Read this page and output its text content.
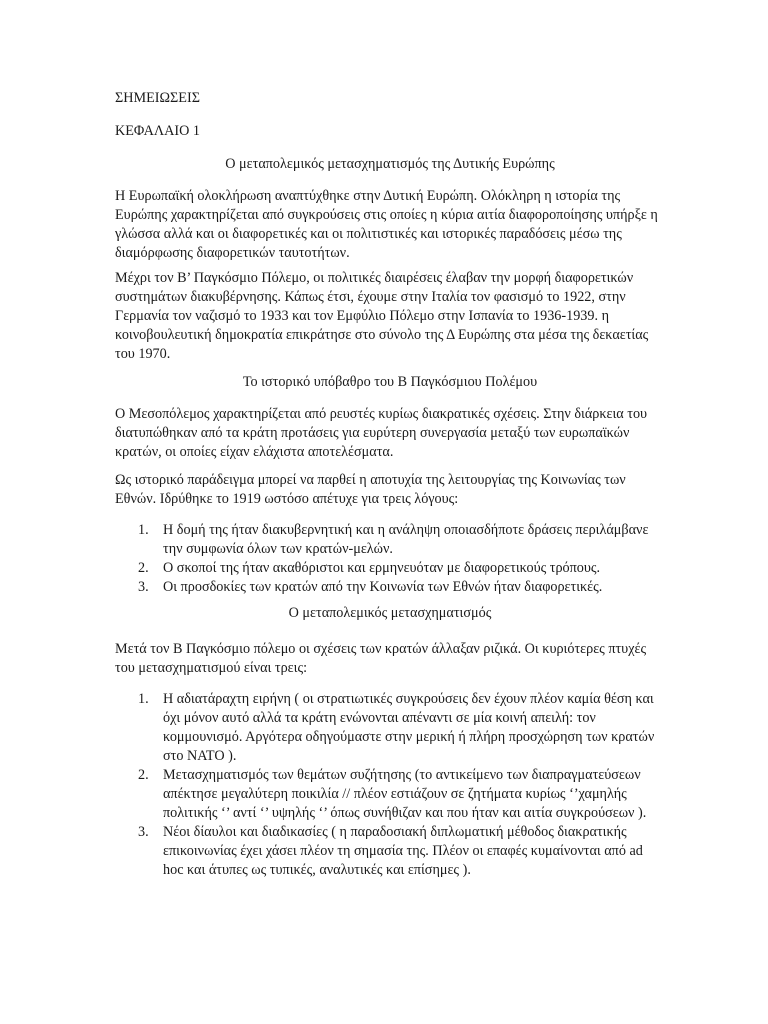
ΣΗΜΕΙΩΣΕΙΣ

ΚΕΦΑΛΑΙΟ 1

Ο μεταπολεμικός μετασχηματισμός της Δυτικής Ευρώπης

Η Ευρωπαϊκή ολοκλήρωση αναπτύχθηκε στην Δυτική Ευρώπη. Ολόκληρη η ιστορία της Ευρώπης χαρακτηρίζεται από συγκρούσεις στις οποίες η κύρια αιτία διαφοροποίησης υπήρξε η γλώσσα αλλά και οι διαφορετικές και οι πολιτιστικές και ιστορικές παραδόσεις μέσω της διαμόρφωσης διαφορετικών ταυτοτήτων.

Μέχρι τον Β’ Παγκόσμιο Πόλεμο, οι πολιτικές διαιρέσεις έλαβαν την μορφή διαφορετικών συστημάτων διακυβέρνησης. Κάπως έτσι, έχουμε στην Ιταλία τον φασισμό το 1922, στην Γερμανία τον ναζισμό το 1933 και τον Εμφύλιο Πόλεμο στην Ισπανία το 1936-1939. η κοινοβουλευτική δημοκρατία επικράτησε στο σύνολο της Δ Ευρώπης στα μέσα της δεκαετίας του 1970.

Το ιστορικό υπόβαθρο του Β Παγκόσμιου Πολέμου

Ο Μεσοπόλεμος χαρακτηρίζεται από ρευστές κυρίως διακρατικές σχέσεις. Στην διάρκεια του διατυπώθηκαν από τα κράτη προτάσεις για ευρύτερη συνεργασία μεταξύ των ευρωπαϊκών κρατών, οι οποίες είχαν ελάχιστα αποτελέσματα.

Ως ιστορικό παράδειγμα μπορεί να παρθεί η αποτυχία της λειτουργίας της Κοινωνίας των Εθνών. Ιδρύθηκε το 1919 ωστόσο απέτυχε για τρεις λόγους:

1. Η δομή της ήταν διακυβερνητική και η ανάληψη οποιασδήποτε δράσεις περιλάμβανε την συμφωνία όλων των κρατών-μελών.
2. Ο σκοποί της ήταν ακαθόριστοι και ερμηνευόταν με διαφορετικούς τρόπους.
3. Οι προσδοκίες των κρατών από την Κοινωνία των Εθνών ήταν διαφορετικές.

Ο μεταπολεμικός μετασχηματισμός

Μετά τον Β Παγκόσμιο πόλεμο οι σχέσεις των κρατών άλλαξαν ριζικά. Οι κυριότερες πτυχές του μετασχηματισμού είναι τρεις:

1. Η αδιατάραχτη ειρήνη ( οι στρατιωτικές συγκρούσεις δεν έχουν πλέον καμία θέση και όχι μόνον αυτό αλλά τα κράτη ενώνονται απέναντι σε μία κοινή απειλή: τον κομμουνισμό. Αργότερα οδηγούμαστε στην μερική ή πλήρη προσχώρηση των κρατών στο ΝΑΤΟ ).
2. Μετασχηματισμός των θεμάτων συζήτησης (το αντικείμενο των διαπραγματεύσεων απέκτησε μεγαλύτερη ποικιλία // πλέον εστιάζουν σε ζητήματα κυρίως ‘’χαμηλής πολιτικής ‘’ αντί ‘’ υψηλής ‘’ όπως συνήθιζαν και που ήταν και αιτία συγκρούσεων ).
3. Νέοι δίαυλοι και διαδικασίες ( η παραδοσιακή διπλωματική μέθοδος διακρατικής επικοινωνίας έχει χάσει πλέον τη σημασία της. Πλέον οι επαφές κυμαίνονται από ad hoc και άτυπες ως τυπικές, αναλυτικές και επίσημες ).
